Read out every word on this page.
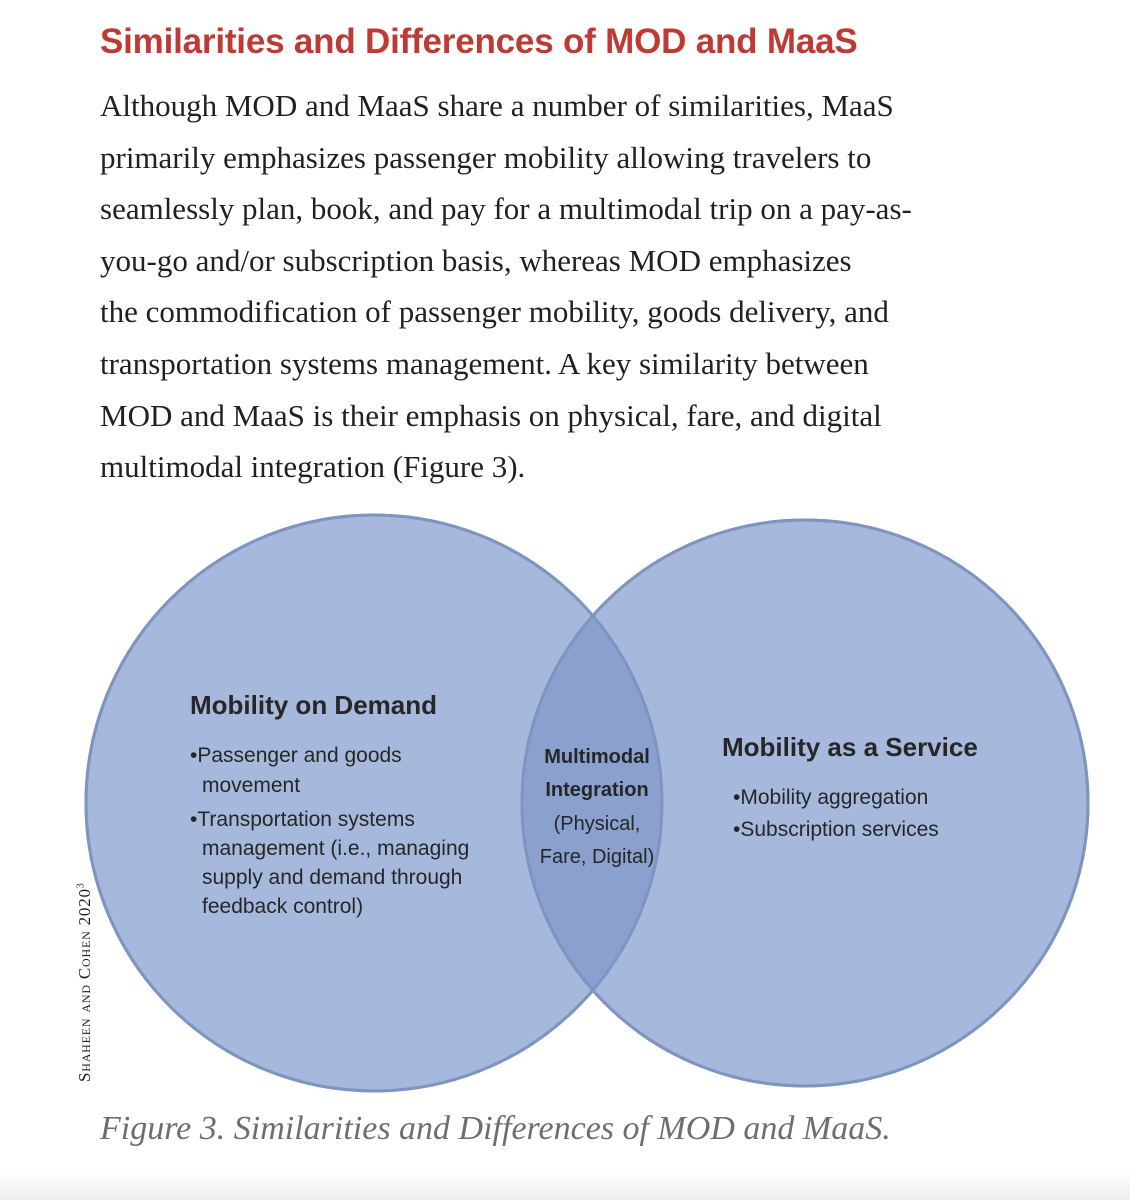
Similarities and Differences of MOD and MaaS

Although MOD and MaaS share a number of similarities, MaaS
primarily emphasizes passenger mobility allowing travelers to
seamlessly plan, book, and pay for a multimodal trip on a pay-as-
you-go and/or subscription basis, whereas MOD emphasizes
the commodification of passenger mobility, goods delivery, and
transportation systems management. A key similarity between
MOD and MaaS is their emphasis on physical, fare, and digital
multimodal integration (Figure 3).

Mobility on Demand
•Passenger and goods
movement
•Transportation systems
management (i.e., managing
supply and demand through
feedback control)
Multimodal
Integration
(Physical,
Fare, Digital)
Mobility as a Service
•Mobility aggregation
•Subscription services
Shaheen and Cohen 2020$^3$

Figure 3. Similarities and Differences of MOD and MaaS.
